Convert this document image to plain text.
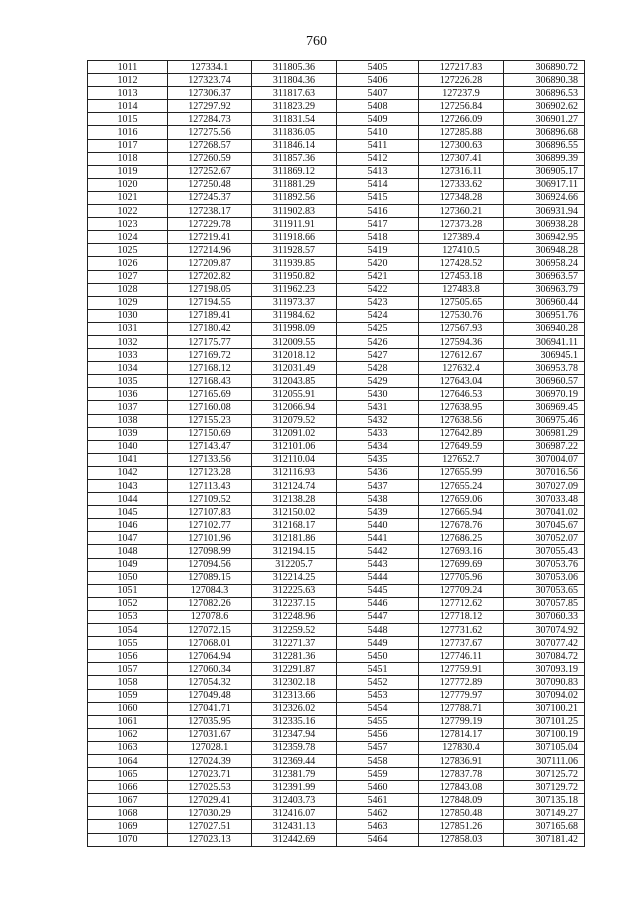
760
1011	127334.1	311805.36	5405	127217.83	306890.72
1012	127323.74	311804.36	5406	127226.28	306890.38
1013	127306.37	311817.63	5407	127237.9	306896.53
1014	127297.92	311823.29	5408	127256.84	306902.62
1015	127284.73	311831.54	5409	127266.09	306901.27
1016	127275.56	311836.05	5410	127285.88	306896.68
1017	127268.57	311846.14	5411	127300.63	306896.55
1018	127260.59	311857.36	5412	127307.41	306899.39
1019	127252.67	311869.12	5413	127316.11	306905.17
1020	127250.48	311881.29	5414	127333.62	306917.11
1021	127245.37	311892.56	5415	127348.28	306924.66
1022	127238.17	311902.83	5416	127360.21	306931.94
1023	127229.78	311911.91	5417	127373.28	306938.28
1024	127219.41	311918.66	5418	127389.4	306942.95
1025	127214.96	311928.57	5419	127410.5	306948.28
1026	127209.87	311939.85	5420	127428.52	306958.24
1027	127202.82	311950.82	5421	127453.18	306963.57
1028	127198.05	311962.23	5422	127483.8	306963.79
1029	127194.55	311973.37	5423	127505.65	306960.44
1030	127189.41	311984.62	5424	127530.76	306951.76
1031	127180.42	311998.09	5425	127567.93	306940.28
1032	127175.77	312009.55	5426	127594.36	306941.11
1033	127169.72	312018.12	5427	127612.67	306945.1
1034	127168.12	312031.49	5428	127632.4	306953.78
1035	127168.43	312043.85	5429	127643.04	306960.57
1036	127165.69	312055.91	5430	127646.53	306970.19
1037	127160.08	312066.94	5431	127638.95	306969.45
1038	127155.23	312079.52	5432	127638.56	306975.46
1039	127150.69	312091.02	5433	127642.89	306981.29
1040	127143.47	312101.06	5434	127649.59	306987.22
1041	127133.56	312110.04	5435	127652.7	307004.07
1042	127123.28	312116.93	5436	127655.99	307016.56
1043	127113.43	312124.74	5437	127655.24	307027.09
1044	127109.52	312138.28	5438	127659.06	307033.48
1045	127107.83	312150.02	5439	127665.94	307041.02
1046	127102.77	312168.17	5440	127678.76	307045.67
1047	127101.96	312181.86	5441	127686.25	307052.07
1048	127098.99	312194.15	5442	127693.16	307055.43
1049	127094.56	312205.7	5443	127699.69	307053.76
1050	127089.15	312214.25	5444	127705.96	307053.06
1051	127084.3	312225.63	5445	127709.24	307053.65
1052	127082.26	312237.15	5446	127712.62	307057.85
1053	127078.6	312248.96	5447	127718.12	307060.33
1054	127072.15	312259.52	5448	127731.62	307074.92
1055	127068.01	312271.37	5449	127737.67	307077.42
1056	127064.94	312281.36	5450	127746.11	307084.72
1057	127060.34	312291.87	5451	127759.91	307093.19
1058	127054.32	312302.18	5452	127772.89	307090.83
1059	127049.48	312313.66	5453	127779.97	307094.02
1060	127041.71	312326.02	5454	127788.71	307100.21
1061	127035.95	312335.16	5455	127799.19	307101.25
1062	127031.67	312347.94	5456	127814.17	307100.19
1063	127028.1	312359.78	5457	127830.4	307105.04
1064	127024.39	312369.44	5458	127836.91	307111.06
1065	127023.71	312381.79	5459	127837.78	307125.72
1066	127025.53	312391.99	5460	127843.08	307129.72
1067	127029.41	312403.73	5461	127848.09	307135.18
1068	127030.29	312416.07	5462	127850.48	307149.27
1069	127027.51	312431.13	5463	127851.26	307165.68
1070	127023.13	312442.69	5464	127858.03	307181.42
